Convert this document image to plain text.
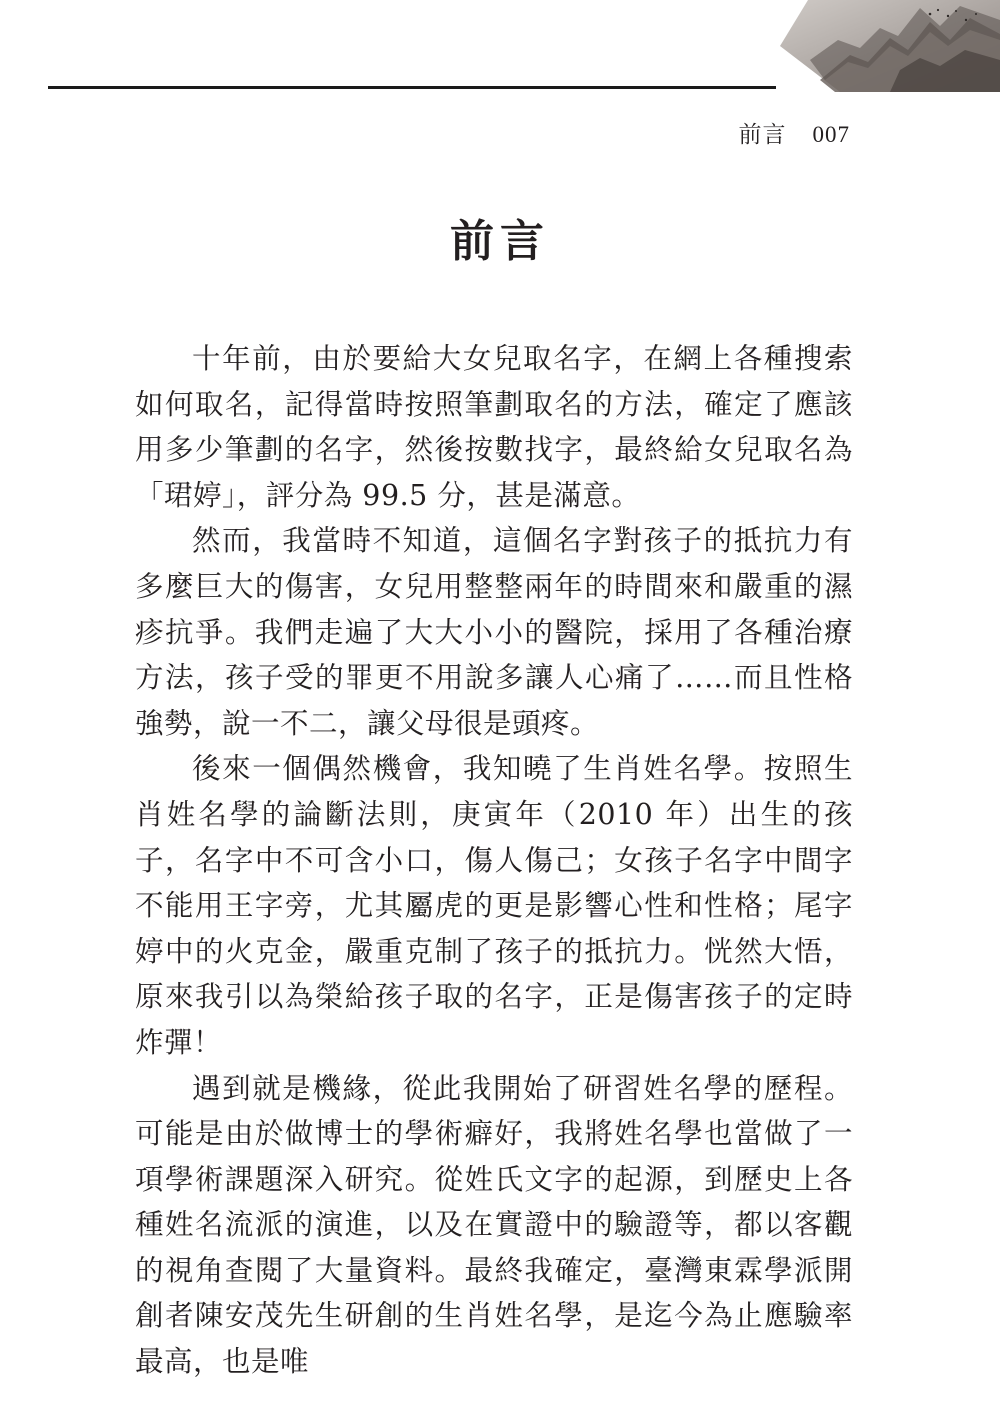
前言 007
前言

十年前，由於要給大女兒取名字，在網上各種搜索如何取名，記得當時按照筆劃取名的方法，確定了應該用多少筆劃的名字，然後按數找字，最終給女兒取名為「珺婷」，評分為 99.5 分，甚是滿意。

然而，我當時不知道，這個名字對孩子的抵抗力有多麼巨大的傷害，女兒用整整兩年的時間來和嚴重的濕疹抗爭。我們走遍了大大小小的醫院，採用了各種治療方法，孩子受的罪更不用說多讓人心痛了……而且性格強勢，說一不二，讓父母很是頭疼。

後來一個偶然機會，我知曉了生肖姓名學。按照生肖姓名學的論斷法則，庚寅年（2010 年）出生的孩子，名字中不可含小口，傷人傷己；女孩子名字中間字不能用王字旁，尤其屬虎的更是影響心性和性格；尾字婷中的火克金，嚴重克制了孩子的抵抗力。恍然大悟，原來我引以為榮給孩子取的名字，正是傷害孩子的定時炸彈！

遇到就是機緣，從此我開始了研習姓名學的歷程。可能是由於做博士的學術癖好，我將姓名學也當做了一項學術課題深入研究。從姓氏文字的起源，到歷史上各種姓名流派的演進，以及在實證中的驗證等，都以客觀的視角查閱了大量資料。最終我確定，臺灣東霖學派開創者陳安茂先生研創的生肖姓名學，是迄今為止應驗率最高，也是唯
